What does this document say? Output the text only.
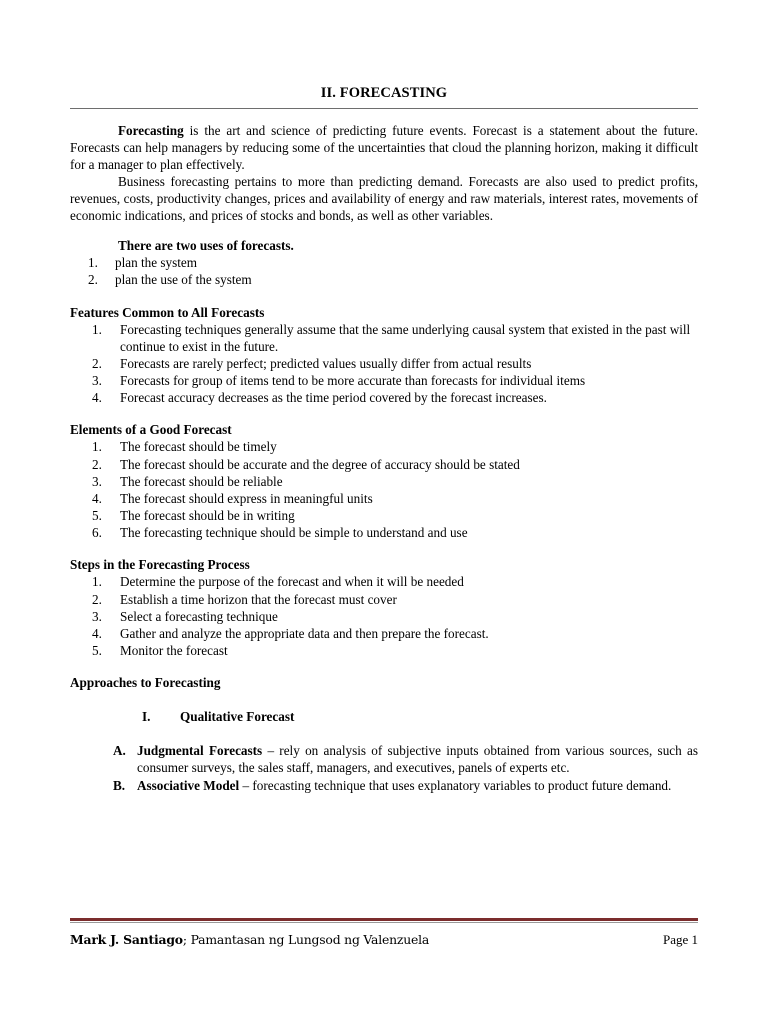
II. FORECASTING

Forecasting is the art and science of predicting future events. Forecast is a statement about the future. Forecasts can help managers by reducing some of the uncertainties that cloud the planning horizon, making it difficult for a manager to plan effectively.

Business forecasting pertains to more than predicting demand. Forecasts are also used to predict profits, revenues, costs, productivity changes, prices and availability of energy and raw materials, interest rates, movements of economic indications, and prices of stocks and bonds, as well as other variables.

There are two uses of forecasts.
1.	plan the system
2.	plan the use of the system
Features Common to All Forecasts
1.	Forecasting techniques generally assume that the same underlying causal system that existed in the past will continue to exist in the future.
2.	Forecasts are rarely perfect; predicted values usually differ from actual results
3.	Forecasts for group of items tend to be more accurate than forecasts for individual items
4.	Forecast accuracy decreases as the time period covered by the forecast increases.
Elements of a Good Forecast
1.	The forecast should be timely
2.	The forecast should be accurate and the degree of accuracy should be stated
3.	The forecast should be reliable
4.	The forecast should express in meaningful units
5.	The forecast should be in writing
6.	The forecasting technique should be simple to understand and use
Steps in the Forecasting Process
1.	Determine the purpose of the forecast and when it will be needed
2.	Establish a time horizon that the forecast must cover
3.	Select a forecasting technique
4.	Gather and analyze the appropriate data and then prepare the forecast.
5.	Monitor the forecast
Approaches to Forecasting
I. Qualitative Forecast
A. Judgmental Forecasts – rely on analysis of subjective inputs obtained from various sources, such as consumer surveys, the sales staff, managers, and executives, panels of experts etc.
B. Associative Model – forecasting technique that uses explanatory variables to product future demand.
Mark J. Santiago; Pamantasan ng Lungsod ng Valenzuela	Page 1
